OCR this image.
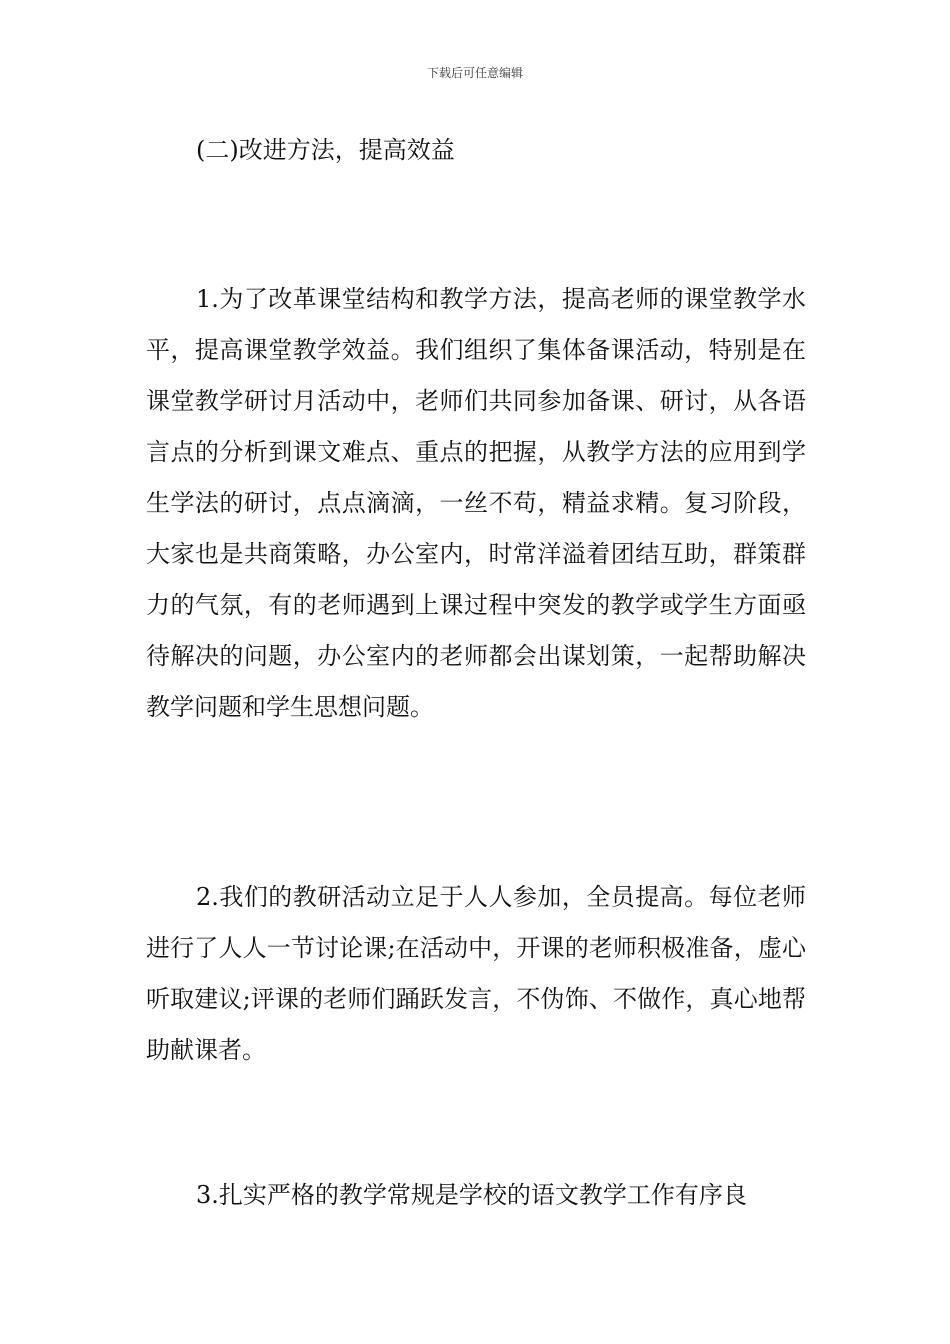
下载后可任意编辑
(二)改进方法，提高效益

1.为了改革课堂结构和教学方法，提高老师的课堂教学水平，提高课堂教学效益。我们组织了集体备课活动，特别是在课堂教学研讨月活动中，老师们共同参加备课、研讨，从各语言点的分析到课文难点、重点的把握，从教学方法的应用到学生学法的研讨，点点滴滴，一丝不苟，精益求精。复习阶段，大家也是共商策略，办公室内，时常洋溢着团结互助，群策群力的气氛，有的老师遇到上课过程中突发的教学或学生方面亟待解决的问题，办公室内的老师都会出谋划策，一起帮助解决教学问题和学生思想问题。

2.我们的教研活动立足于人人参加，全员提高。每位老师进行了人人一节讨论课;在活动中，开课的老师积极准备，虚心听取建议;评课的老师们踊跃发言，不伪饰、不做作，真心地帮助献课者。

3.扎实严格的教学常规是学校的语文教学工作有序良
